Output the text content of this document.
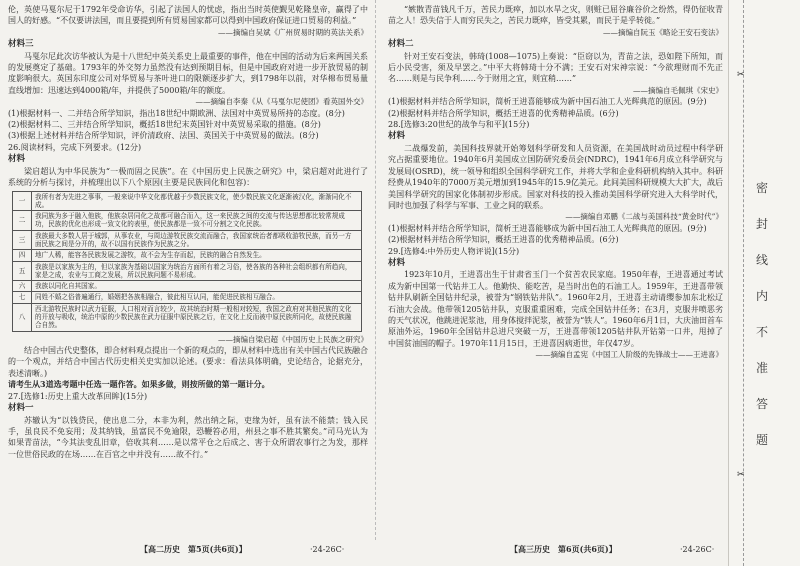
伦，英使马戛尔尼于1792年受命访华，引起了法国人的忧虑，指出当时英使觐见乾隆皇帝，赢得了中国人的好感。“不仅要讲法国，而且要提到所有贸易国家都可以得到中国政府保证进口贸易的利益。”

——摘编自吴斌《广州贸易时期的英法关系》

材料三

马戛尔尼此次访华被认为是十八世纪中英关系史上最重要的事件，他在中国的活动为后来两国关系的发展奠定了基础。1793年的外交努力虽然没有达到预期目标，但是中国政府对进一步开放贸易的制度影响很大。英国东印度公司对华贸易与茶叶进口的限额逐步扩大，到1798年以前，对华棉布贸易量直线增加：迅速达到4000箱/年，并提供了5000箱/年的额度。

——摘编自李秦《从《马戛尔尼使团》看英国外交》

(1)根据材料一、二并结合所学知识，指出18世纪中期欧洲、法国对中英贸易所持的态度。(8分)

(2)根据材料二、三并结合所学知识，概括18世纪末英国针对中英贸易采取的措施。(8分)

(3)根据上述材料并结合所学知识，评价清政府、法国、英国关于中英贸易的做法。(8分)

26.阅读材料，完成下列要求。(12分)

材料

梁启超认为中华民族为“一极而固之民族”。在《中国历史上民族之研究》中，梁启超对此进行了系统的分析与探讨，并梳理出以下八个原因(主要是民族同化和包容)：

一	我所有者为先进之事事，一般来说中华文化都优越于少数民族文化，使少数民族文化逐渐被汉化，渐渐同化不成。
二	我同族为多于融入他族，他族杂居同化之故都可融合而入，这一来民族之间的交流与传达思想都比较常规成功，民族的优化也形成一致文化的表里，使民族都是一致不可分割之文化民族。
三	我族最大多数人居于城郭，从事农业，与周边游牧民族交流而融合，我国家统治者都吸收游牧民族，而另一方面民族之间是分开的，故不以国有民族作为民族之分。
四	地广人稀，能容各民族发展之游牧，故不会为生存而起，民族的融合自然发生。
五	我族是以家族为主的，但以家族为基础以国家为统治方面所有着之习俗，使各族的各种社会组织都有所趋向，家是之成，农业与工商之发展，所以民族问题不易形成。
六	我族以同化自其国家。
七	同姓不婚之俗普遍通行，婚姻把各族相融合，彼此相互认同，能促进民族相互融合。
八	西北游牧民族时以武力征服，人口相对而言较少，故其统治时期一般相对较短，我国之政府对其他民族的文化的开放与吸收，统治中原的少数民族在武力征服中原民族之后，在文化上反而被中原民族所同化，故使民族融合自然。

——摘编自梁启超《中国历史上民族之研究》

结合中国古代史整体，即合材料观点提出一个新的观点的，即从材料中选出有关中国古代民族融合的一个观点，并结合中国古代历史相关史实加以论述。(要求：看法具体明确，史论结合，论据充分，表述清晰。)

请考生从3道选考题中任选一题作答。如果多做，则按所做的第一题计分。

27.[选修1:历史上重大改革回眸](15分)

材料一

苏辙认为“以钱贷民，使出息二分，本非为利，然出纳之际，吏缘为奸，虽有法不能禁；钱入民手，虽良民不免妄用；及其纳钱，虽富民不免逾限，恐鞭笞必用，州县之事不胜其繁矣。”司马光认为如果青苗法，“今其法变乱旧章，倍收其利……是以常平仓之后成之、害于众所谓农事行之为发，那样一位世俗民政的在场……在百官之中并没有……故不行。”

“嫉散青苗钱凡千万，苦民力既瘁，加以水旱之灾，则赃已屈谷廉谷价之纷然，得仍征收青苗之人！恐失信于人而穷民失之，苦民力既瘁，皆受其累，而民于是乎转徙。”

——摘编自阮玉《略论王安石变法》

材料二

针对王安石变法，韩琦(1008—1075)上奏说：“臣窃以为，青苗之法，恐如陛下所知，而后小民受害，须及早罢之。”中平大将韩琦十分不满；王安石对宋神宗说：“今欲理财而不先正名……则是与民争利……今于财用之宜，则宜稍……”

——摘编自毛佩琪《宋史》

(1)根据材料并结合所学知识，简析王进喜能够成为新中国石油工人光辉典范的原因。(9分)

(2)根据材料并结合所学知识，概括王进喜的优秀精神品质。(6分)

28.[选修3:20世纪的战争与和平](15分)

材料

二战爆发前，美国科技界就开始筹划科学研发和人员资源，在美国战时动员过程中科学研究占据重要地位。1940年6月美国成立国防研究委员会(NDRC)，1941年6月成立科学研究与发展局(OSRD)，统一领导和组织全国科学研究工作，并将大学和企业科研机构纳入其中。科研经费从1940年的7000万美元增加到1945年的15.9亿美元。此间美国科研规模大大扩大，战后美国科学研究的国家化体制初步形成。国家对科技的投入推动美国科学研究进入大科学时代，同时也加强了科学与军事、工业之间的联系。

——摘编自邓鹏《二战与美国科技“黄金时代”》

(1)根据材料并结合所学知识，简析王进喜能够成为新中国石油工人光辉典范的原因。(9分)

(2)根据材料并结合所学知识，概括王进喜的优秀精神品质。(6分)

29.[选修4:中外历史人物评说](15分)

材料

1923年10月，王进喜出生于甘肃省玉门一个贫苦农民家庭。1950年春，王进喜通过考试成为新中国第一代钻井工人。他勤快、能吃苦，是当时出色的石油工人。1959年，王进喜带领钻井队刷新全国钻井纪录，被誉为“钢铁钻井队”。1960年2月，王进喜主动请缨参加东北松辽石油大会战。他带领1205钻井队，克服重重困难，完成全国钻井任务；在3月，克服井喷恶劣的天气状况，他跳进泥浆池，用身体搅拌泥浆，被誉为“铁人”。1960年6月1日，大庆油田首车原油外运，1960年全国钻井总进尺突破一万，王进喜带领1205钻井队开钻第一口井，甩掉了中国贫油国的帽子。1970年11月15日，王进喜因病逝世，年仅47岁。

——摘编自孟宪《中国工人阶级的先锋战士——王进喜》

【高二历史　第5页(共6页)】	·24-26C·	【高三历史　第6页(共6页)】	·24-26C·
✂
✂
密封线内不准答题
